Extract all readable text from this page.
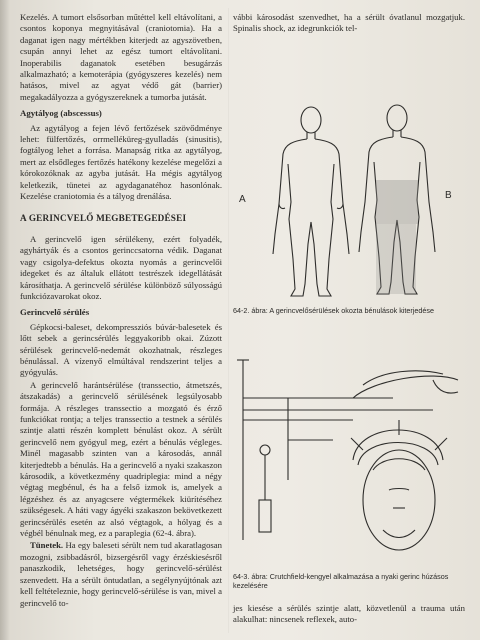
Kezelés. A tumort elsősorban műtéttel kell eltávolítani, a csontos koponya megnyitásával (craniotomia). Ha a daganat igen nagy mértékben kiterjedt az agyszövetben, csupán annyi lehet az egész tumort eltávolítani. Inoperabilis daganatok esetében besugárzás alkalmazható; a kemoterápia (gyógyszeres kezelés) nem hatásos, mivel az agyat védő gát (barrier) megakadályozza a gyógyszereknek a tumorba jutását.

Agytályog (abscessus)

Az agytályog a fejen lévő fertőzések szövődménye lehet: fülfertőzés, orrmelléküreg-gyulladás (sinusitis), fogtályog lehet a forrása. Manapság ritka az agytályog, mert az elsődleges fertőzés hatékony kezelése megelőzi a kórokozóknak az agyba jutását. Ha mégis agytályog keletkezik, tünetei az agydaganatéhoz hasonlónak. Kezelése craniotomia és a tályog drenálása.

A GERINCVELŐ MEGBETEGEDÉSEI

A gerincvelő igen sérülékeny, ezért folyadék, agyhártyák és a csontos gerinccsatorna védik. Daganat vagy csigolya-defektus okozta nyomás a gerincvelői idegeket és az általuk ellátott testrészek idegellátását károsíthatja. A gerincvelő sérülése különböző súlyosságú funkciózavarokat okoz.

Gerincvelő sérülés

Gépkocsi-baleset, dekompressziós búvár-balesetek és lőtt sebek a gerincsérülés leggyakoribb okai. Zúzott sérülések gerincvelő-nedemát okozhatnak, részleges bénulással. A vízenyő elmúltával rendszerint teljes a gyógyulás.

A gerincvelő harántsérülése (transsectio, átmetszés, átszakadás) a gerincvelő sérülésének legsúlyosabb formája. A részleges transsectio a mozgató és érző funkciókat rontja; a teljes transsectio a testnek a sérülés szintje alatti részén komplett bénulást okoz. A sérült gerincvelő nem gyógyul meg, ezért a bénulás végleges. Minél magasabb szinten van a károsodás, annál kiterjedtebb a bénulás. Ha a gerincvelő a nyaki szakaszon károsodik, a következmény quadriplegia: mind a négy végtag megbénul, és ha a felső izmok is, amelyek a légzéshez és az anyagcsere végtermékek kiürítéséhez szükségesek. A háti vagy ágyéki szakaszon bekövetkezett gerincsérülés esetén az alsó végtagok, a hólyag és a végbél bénulnak meg, ez a paraplegia (62-4. ábra).

Tünetek. Ha egy baleseti sérült nem tud akaratlagosan mozogni, zsibbadásról, bizsergésről vagy érzéskiesésről panaszkodik, lehetséges, hogy gerincvelő-sérülést szenvedett. Ha a sérült öntudatlan, a segélynyújtónak azt kell feltételeznie, hogy gerincvelő-sérülése is van, mivel a gerincvelő to-

vábbi károsodást szenvedhet, ha a sérült óvatlanul mozgatjuk. Spinalis shock, az idegrunkciók tel-

A	B
64-2. ábra: A gerincvelősérülések okozta bénulások kiterjedése
64-3. ábra: Crutchfield-kengyel alkalmazása a nyaki gerinc húzásos kezelésére

jes kiesése a sérülés szintje alatt, közvetlenül a trauma után alakulhat: nincsenek reflexek, auto-
